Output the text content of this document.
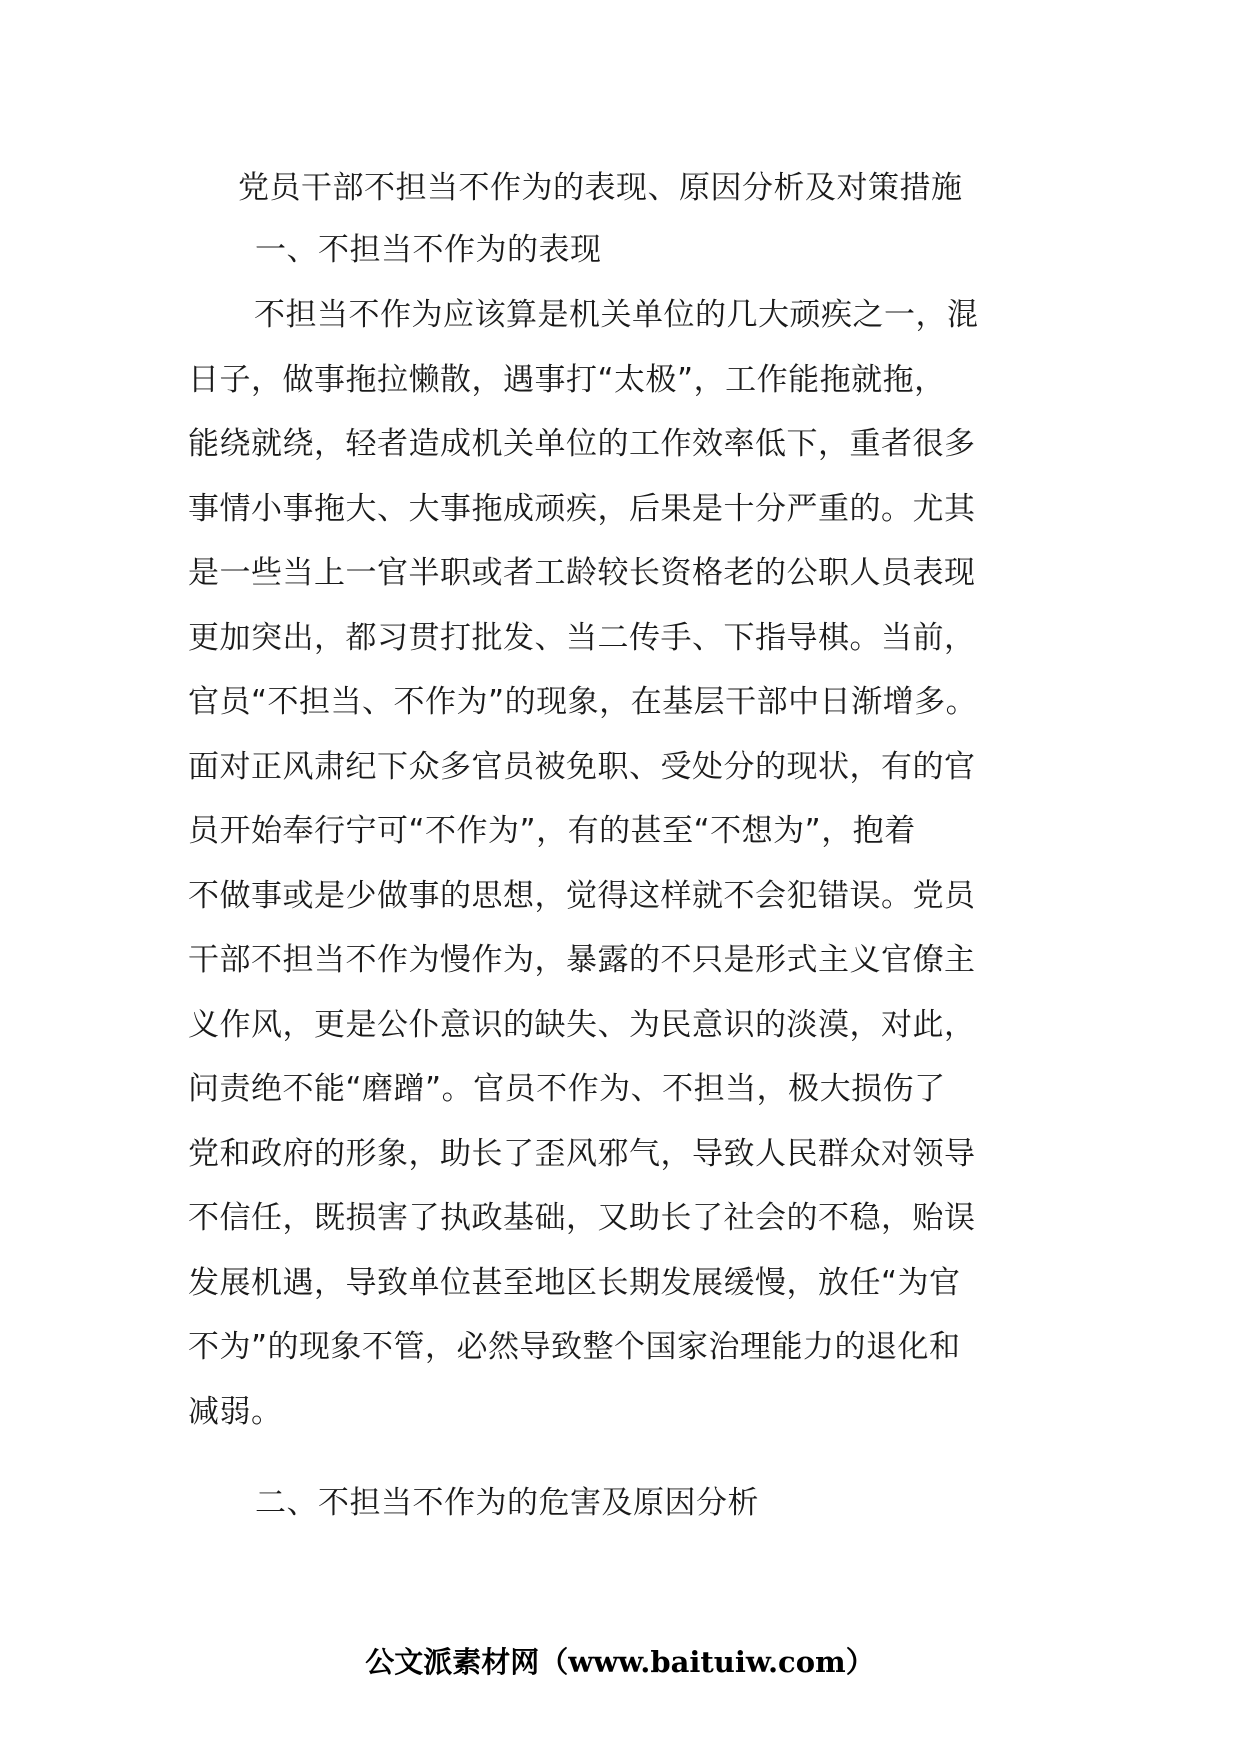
党员干部不担当不作为的表现、原因分析及对策措施
一、不担当不作为的表现
不担当不作为应该算是机关单位的几大顽疾之一，混
日子，做事拖拉懒散，遇事打“太极”，工作能拖就拖，
能绕就绕，轻者造成机关单位的工作效率低下，重者很多
事情小事拖大、大事拖成顽疾，后果是十分严重的。尤其
是一些当上一官半职或者工龄较长资格老的公职人员表现
更加突出，都习贯打批发、当二传手、下指导棋。当前，
官员“不担当、不作为”的现象，在基层干部中日渐增多。
面对正风肃纪下众多官员被免职、受处分的现状，有的官
员开始奉行宁可“不作为”，有的甚至“不想为”，抱着
不做事或是少做事的思想，觉得这样就不会犯错误。党员
干部不担当不作为慢作为，暴露的不只是形式主义官僚主
义作风，更是公仆意识的缺失、为民意识的淡漠，对此，
问责绝不能“磨蹭”。官员不作为、不担当，极大损伤了
党和政府的形象，助长了歪风邪气，导致人民群众对领导
不信任，既损害了执政基础，又助长了社会的不稳，贻误
发展机遇，导致单位甚至地区长期发展缓慢，放任“为官
不为”的现象不管，必然导致整个国家治理能力的退化和
减弱。
二、不担当不作为的危害及原因分析
公文派素材网（www.baituiw.com）
